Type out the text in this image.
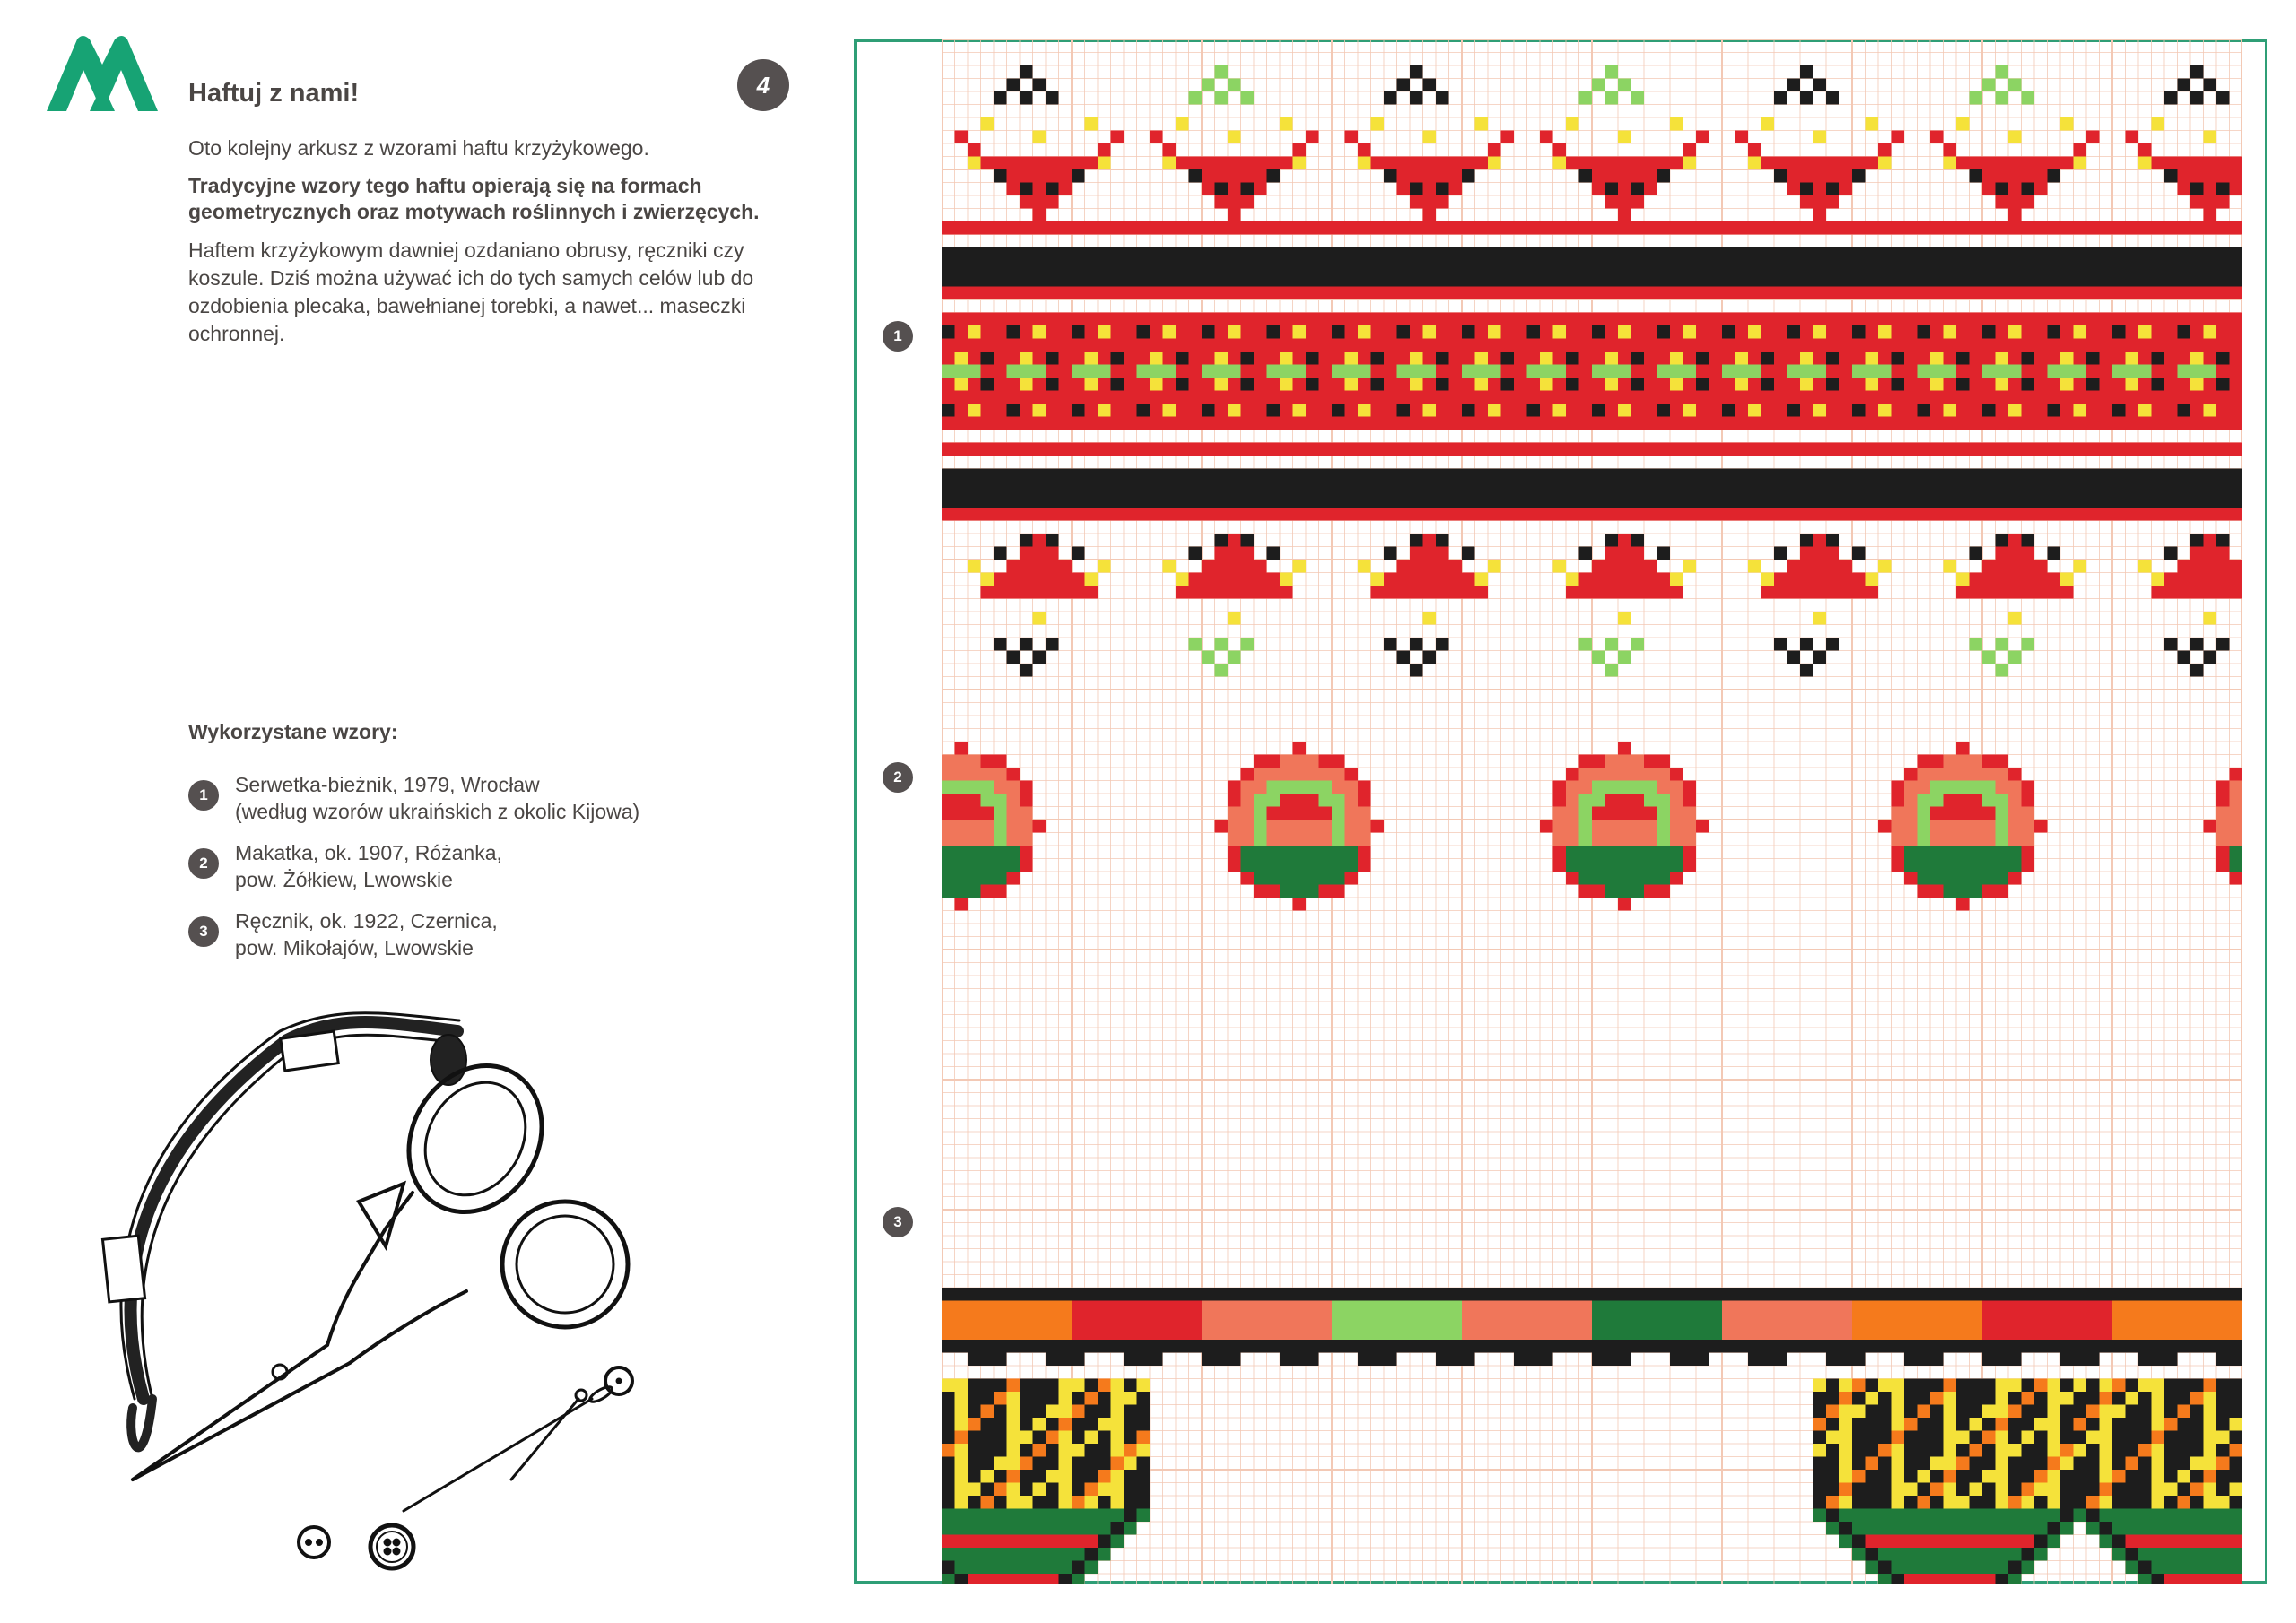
4
Haftuj z nami!

Oto kolejny arkusz z wzorami haftu krzyżykowego.

Tradycyjne wzory tego haftu opierają się na formach geometrycznych oraz motywach roślinnych i zwierzęcych.

Haftem krzyżykowym dawniej ozdaniano obrusy, ręczniki czy koszule. Dziś można używać ich do tych samych celów lub do ozdobienia plecaka, bawełnianej torebki, a nawet... maseczki ochronnej.

Wykorzystane wzory:
1	Serwetka-bieżnik, 1979, Wrocław
(według wzorów ukraińskich z okolic Kijowa)
2	Makatka, ok. 1907, Różanka,
pow. Żółkiew, Lwowskie
3	Ręcznik, ok. 1922, Czernica,
pow. Mikołajów, Lwowskie
1
2
3
